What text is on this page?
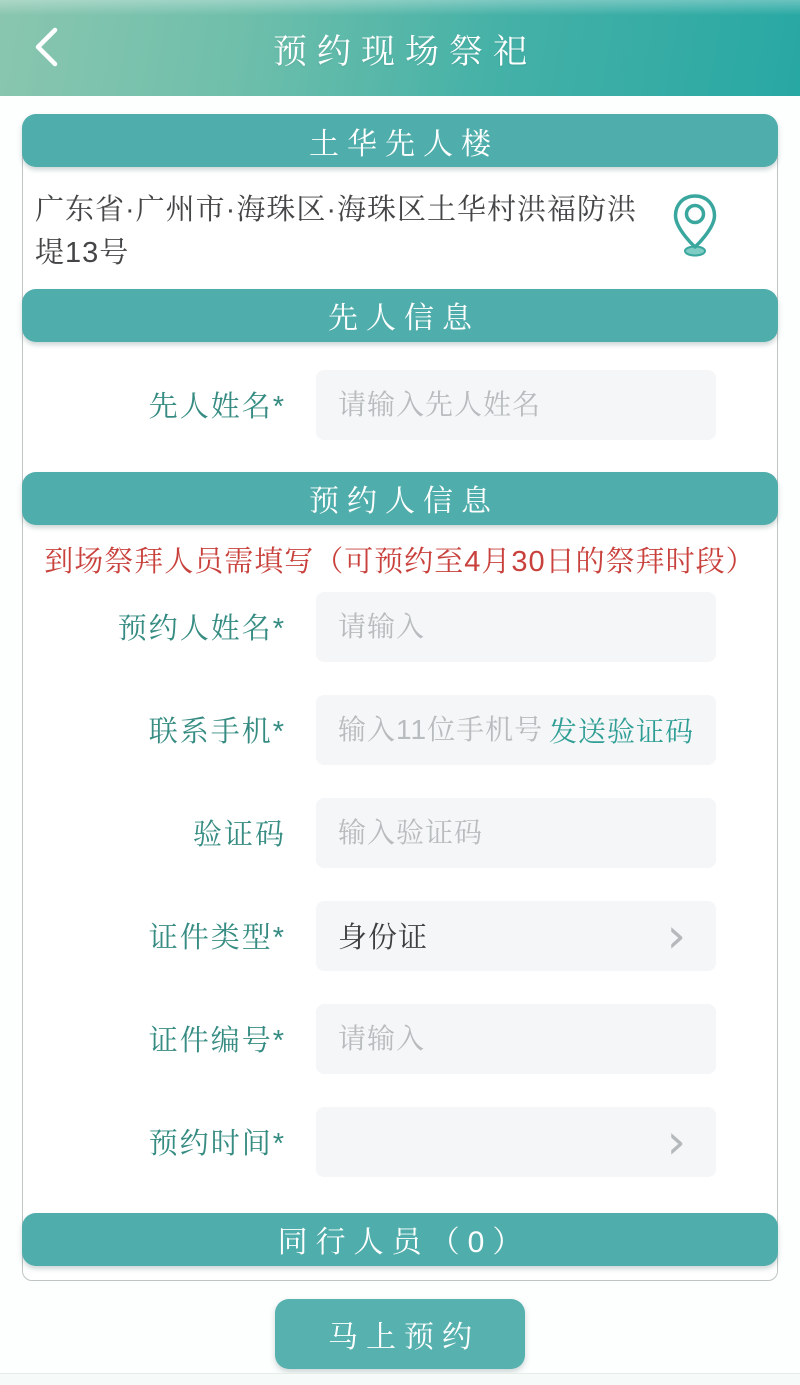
预约现场祭祀
土华先人楼
广东省·广州市·海珠区·海珠区土华村洪福防洪堤13号
先人信息
先人姓名*
请输入先人姓名
预约人信息
到场祭拜人员需填写（可预约至4月30日的祭拜时段）
预约人姓名*
请输入
联系手机*
输入11位手机号	发送验证码
验证码
输入验证码
证件类型* 身份证	›
证件编号*
请输入
预约时间*	›
同行人员（0）
马上预约
